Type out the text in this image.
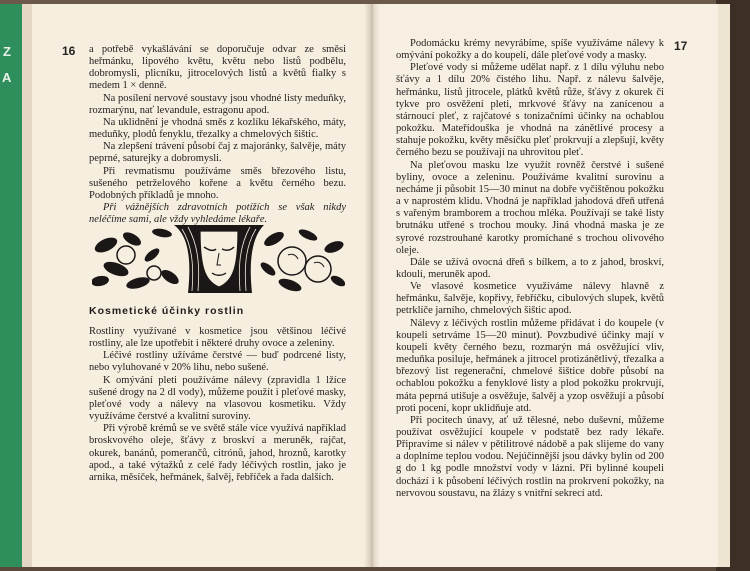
Z
A
16	17

a potřebě vykašlávání se doporučuje odvar ze směsi heřmánku, lipového květu, květu nebo listů podbělu, dobromysli, plicníku, jitrocelových listů a květů fialky s medem 1 × denně.

Na posílení nervové soustavy jsou vhodné listy meduňky, rozmarýnu, nať levandule, estragonu apod.

Na uklidnění je vhodná směs z kozlíku lékařského, máty, meduňky, plodů fenyklu, třezalky a chmelových šištic.

Na zlepšení trávení působí čaj z majoránky, šalvěje, máty peprné, saturejky a dobromysli.

Při revmatismu používáme směs březového listu, sušeného petrželového kořene a květu černého bezu. Podobných příkladů je mnoho.

Při vážnějších zdravotních potížích se však nikdy neléčíme sami, ale vždy vyhledáme lékaře.

Kosmetické účinky rostlin

Rostliny využívané v kosmetice jsou většinou léčivé rostliny, ale lze upotřebit i některé druhy ovoce a zeleniny.

Léčivé rostliny užíváme čerstvé — buď podrcené listy, nebo vyluhované v 20% lihu, nebo sušené.

K omývání pleti používáme nálevy (zpravidla 1 lžíce sušené drogy na 2 dl vody), můžeme použít i pleťové masky, pleťové vody a nálevy na vlasovou kosmetiku. Vždy využíváme čerstvé a kvalitní suroviny.

Při výrobě krémů se ve světě stále více využívá například broskvového oleje, šťávy z broskví a meruněk, rajčat, okurek, banánů, pomerančů, citrónů, jahod, hroznů, karotky apod., a také výtažků z celé řady léčivých rostlin, jako je arnika, měsíček, heřmánek, šalvěj, řebříček a řada dalších.

Podomácku krémy nevyrábíme, spíše využíváme nálevy k omývání pokožky a do koupelí, dále pleťové vody a masky.

Pleťové vody si můžeme udělat např. z 1 dílu výluhu nebo šťávy a 1 dílu 20% čistého lihu. Např. z nálevu šalvěje, heřmánku, listů jitrocele, plátků květů růže, šťávy z okurek či tykve pro osvěžení pleti, mrkvové šťávy na zanícenou a stárnoucí pleť, z rajčatové s tonizačními účinky na ochablou pokožku. Mateřídouška je vhodná na zánětlivé procesy a stahuje pokožku, květy měsíčku pleť prokrvují a zlepšují, květy černého bezu se používají na uhrovitou pleť.

Na pleťovou masku lze využít rovněž čerstvé i sušené byliny, ovoce a zeleninu. Používáme kvalitní surovinu a necháme ji působit 15—30 minut na dobře vyčištěnou pokožku a v naprostém klidu. Vhodná je například jahodová dřeň utřená s vařeným bramborem a trochou mléka. Používají se také listy brutnáku utřené s trochou mouky. Jiná vhodná maska je ze syrové rozstrouhané karotky promíchané s trochou olivového oleje.

Dále se užívá ovocná dřeň s bílkem, a to z jahod, broskví, kdoulí, meruněk apod.

Ve vlasové kosmetice využíváme nálevy hlavně z heřmánku, šalvěje, kopřivy, řebříčku, cibulových slupek, květů petrklíče jarního, chmelových šištic apod.

Nálevy z léčivých rostlin můžeme přidávat i do koupele (v koupeli setrváme 15—20 minut). Povzbudivé účinky mají v koupeli květy černého bezu, rozmarýn má osvěžující vliv, meduňka posiluje, heřmánek a jitrocel protizánětlivý, třezalka a březový list regenerační, chmelové šištice dobře působí na ochablou pokožku a fenyklové listy a plod pokožku prokrvují, máta peprná utišuje a osvěžuje, šalvěj a yzop osvěžují a působí proti pocení, kopr uklidňuje atd.

Při pocitech únavy, ať už tělesné, nebo duševní, můžeme používat osvěžující koupele v podstatě bez rady lékaře. Připravíme si nálev v pětilitrové nádobě a pak slijeme do vany a doplníme teplou vodou. Nejúčinnější jsou dávky bylin od 200 g do 1 kg podle množství vody v lázni. Při bylinné koupeli dochází i k působení léčivých rostlin na prokrvení pokožky, na nervovou soustavu, na žlázy s vnitřní sekrecí atd.
